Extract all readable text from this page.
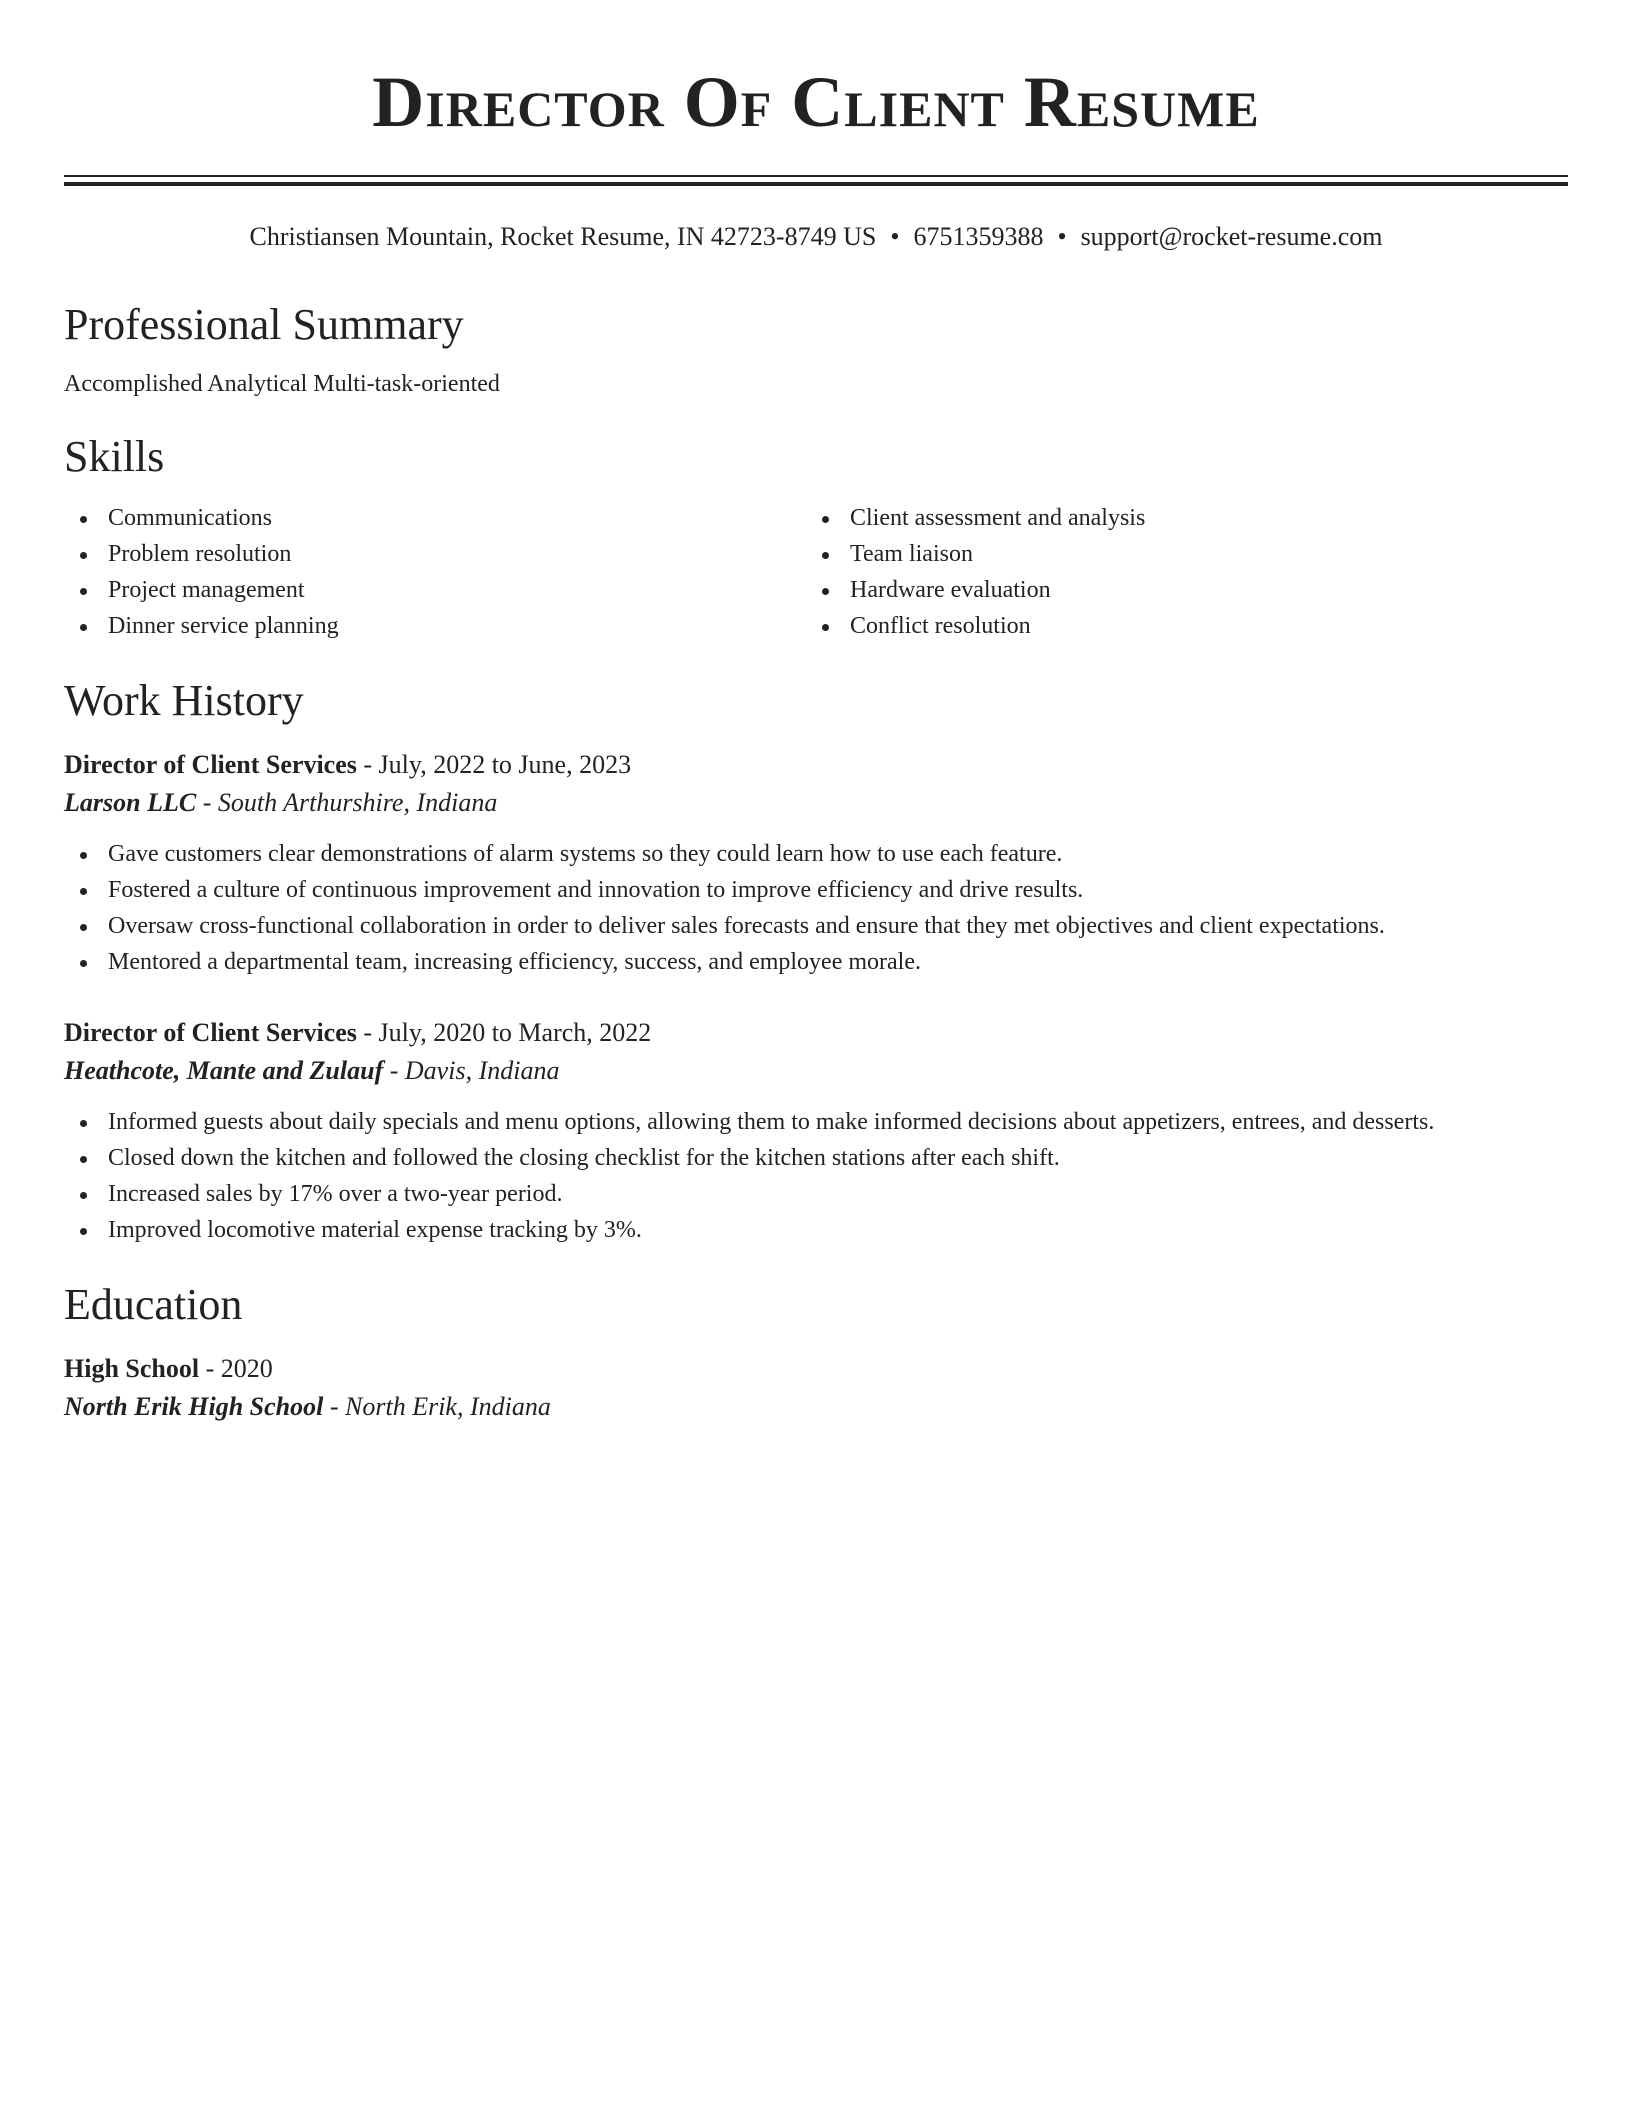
Director Of Client Resume
Christiansen Mountain, Rocket Resume, IN 42723-8749 US • 6751359388 • support@rocket-resume.com
Professional Summary

Accomplished Analytical Multi-task-oriented

Skills
Communications
Problem resolution
Project management
Dinner service planning
Client assessment and analysis
Team liaison
Hardware evaluation
Conflict resolution
Work History
Director of Client Services - July, 2022 to June, 2023
Larson LLC - South Arthurshire, Indiana
Gave customers clear demonstrations of alarm systems so they could learn how to use each feature.
Fostered a culture of continuous improvement and innovation to improve efficiency and drive results.
Oversaw cross-functional collaboration in order to deliver sales forecasts and ensure that they met objectives and client expectations.
Mentored a departmental team, increasing efficiency, success, and employee morale.
Director of Client Services - July, 2020 to March, 2022
Heathcote, Mante and Zulauf - Davis, Indiana
Informed guests about daily specials and menu options, allowing them to make informed decisions about appetizers, entrees, and desserts.
Closed down the kitchen and followed the closing checklist for the kitchen stations after each shift.
Increased sales by 17% over a two-year period.
Improved locomotive material expense tracking by 3%.
Education
High School - 2020
North Erik High School - North Erik, Indiana
